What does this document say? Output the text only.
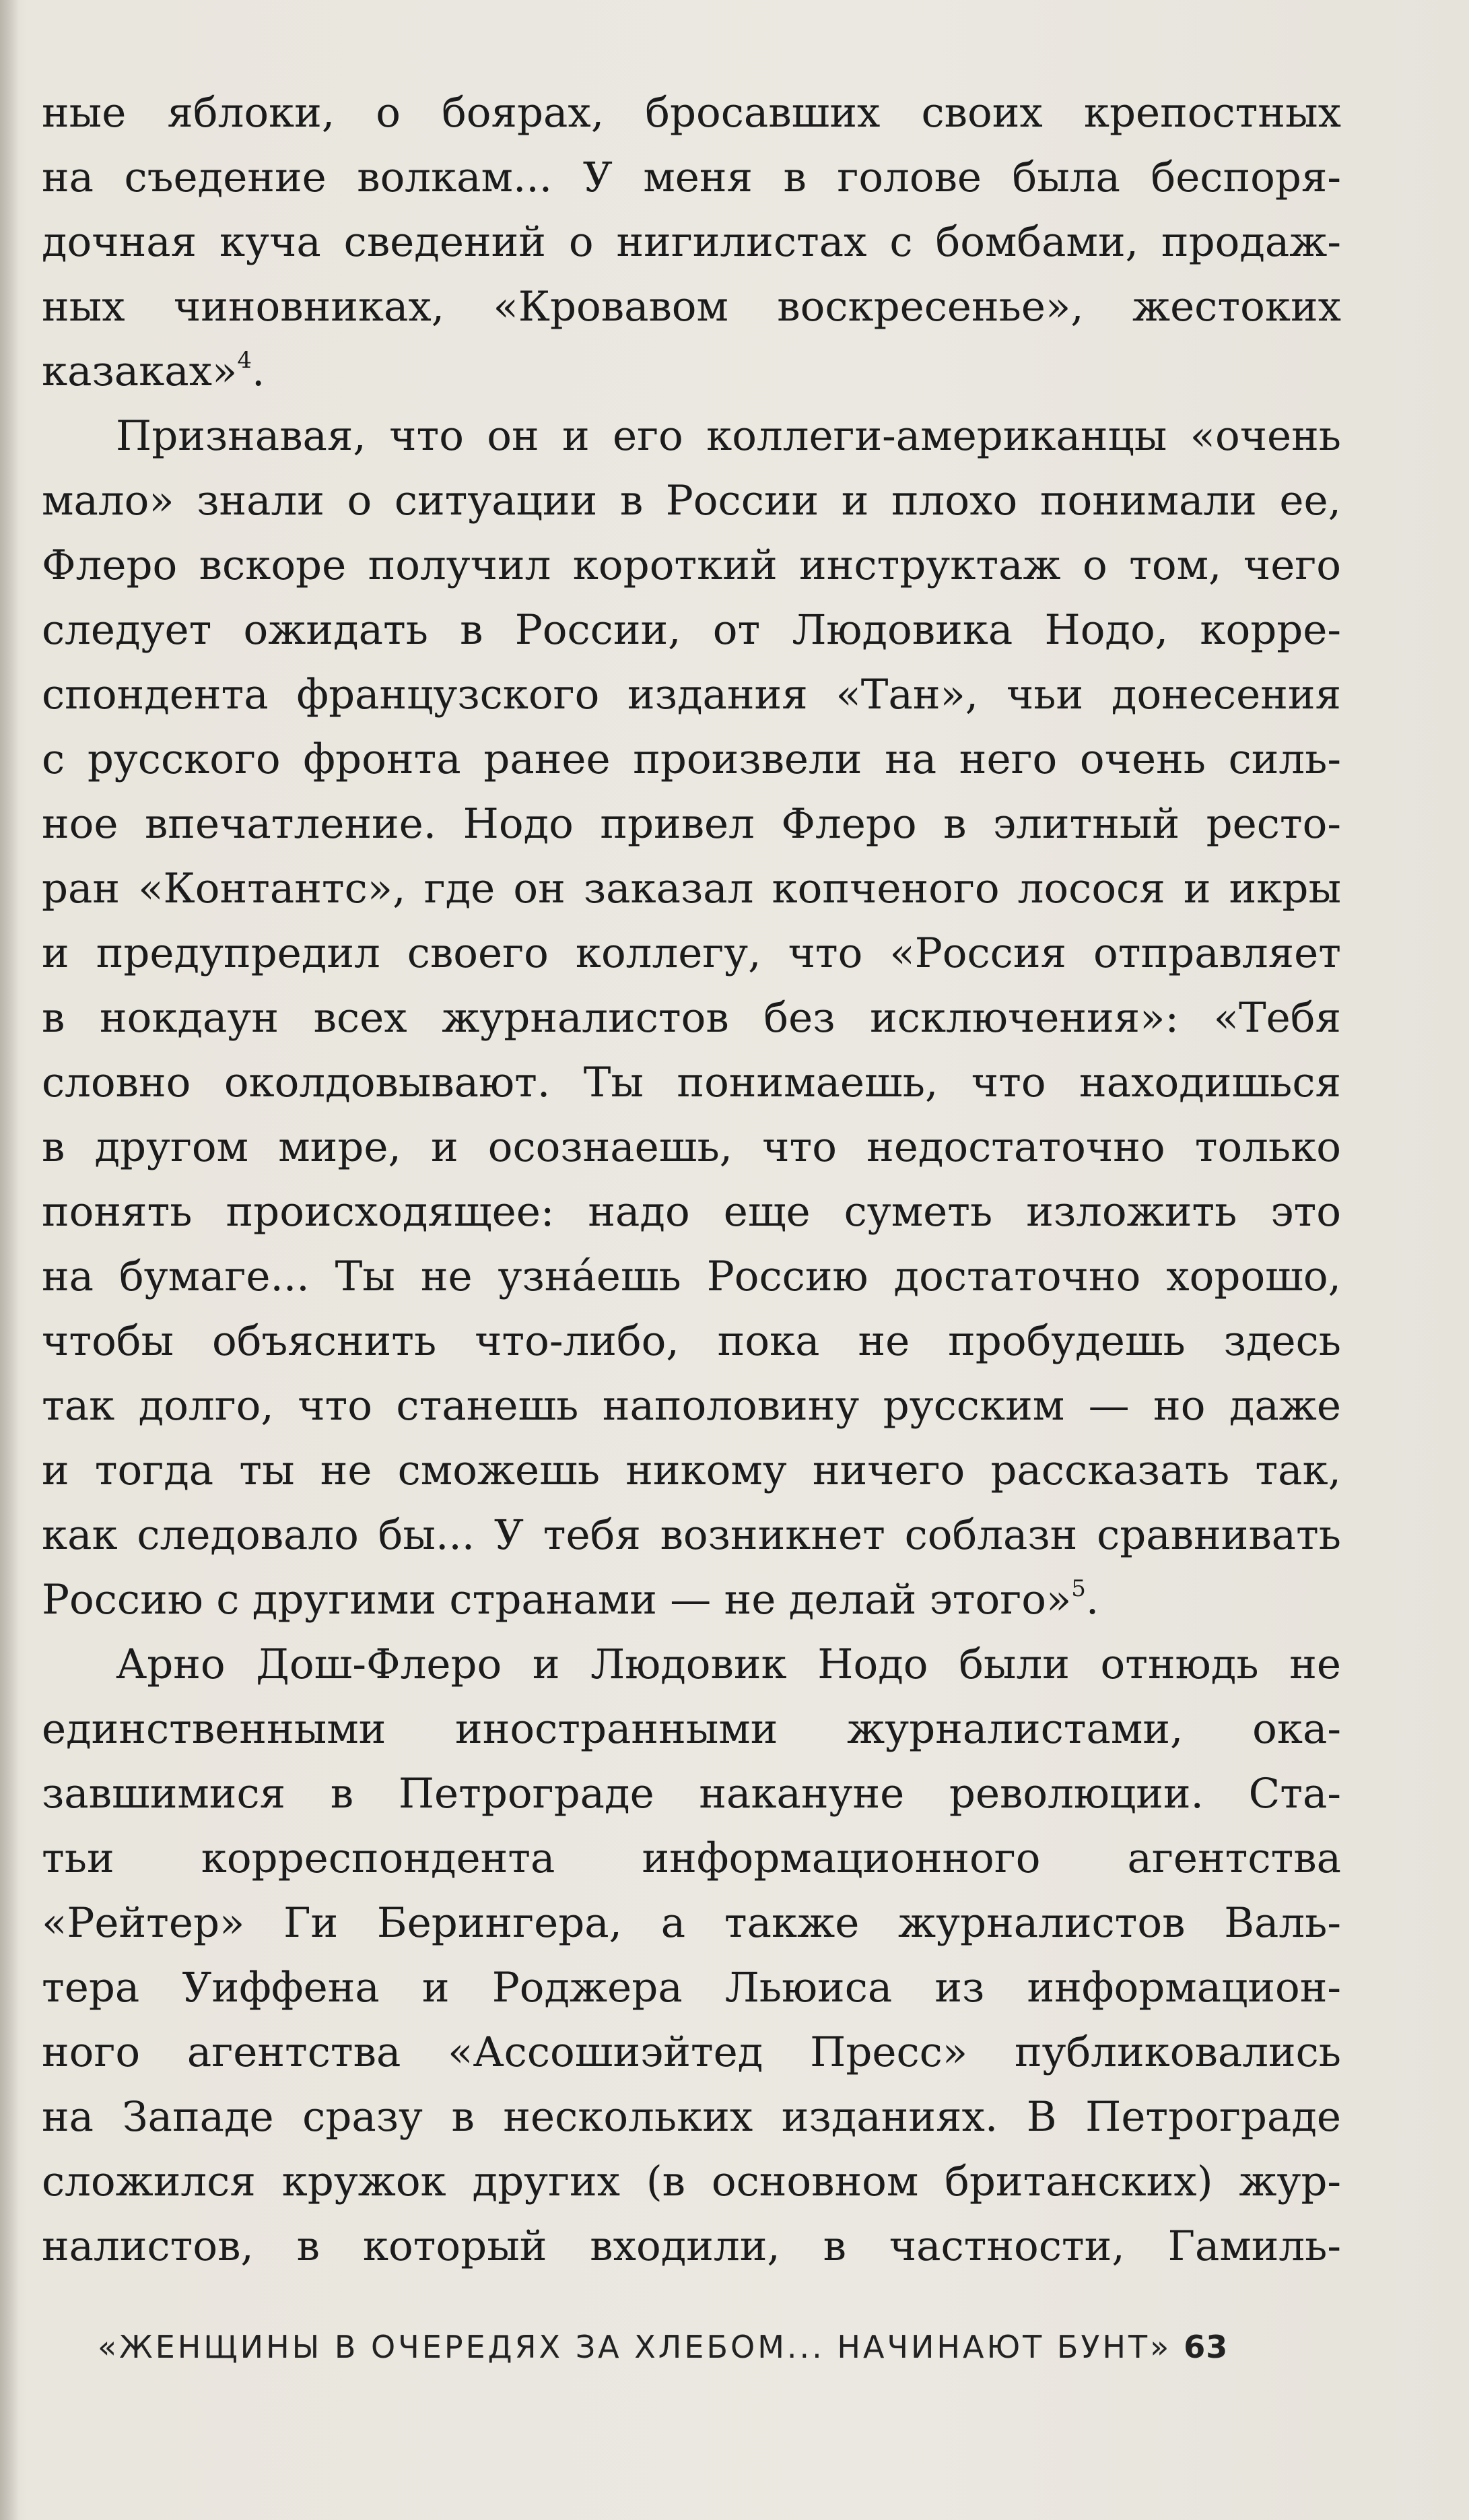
ные яблоки, о боярах, бросавших своих крепостных
на съедение волкам... У меня в голове была беспоря-
дочная куча сведений о нигилистах с бомбами, продаж-
ных чиновниках, «Кровавом воскресенье», жестоких
казаках»$^4$.
Признавая, что он и его коллеги-американцы «очень
мало» знали о ситуации в России и плохо понимали ее,
Флеро вскоре получил короткий инструктаж о том, чего
следует ожидать в России, от Людовика Нодо, корре-
спондента французского издания «Тан», чьи донесения
с русского фронта ранее произвели на него очень силь-
ное впечатление. Нодо привел Флеро в элитный ресто-
ран «Контантс», где он заказал копченого лосося и икры
и предупредил своего коллегу, что «Россия отправляет
в нокдаун всех журналистов без исключения»: «Тебя
словно околдовывают. Ты понимаешь, что находишься
в другом мире, и осознаешь, что недостаточно только
понять происходящее: надо еще суметь изложить это
на бумаге... Ты не узна́ешь Россию достаточно хорошо,
чтобы объяснить что-либо, пока не пробудешь здесь
так долго, что станешь наполовину русским — но даже
и тогда ты не сможешь никому ничего рассказать так,
как следовало бы... У тебя возникнет соблазн сравнивать
Россию с другими странами — не делай этого»$^5$.
Арно Дош-Флеро и Людовик Нодо были отнюдь не
единственными иностранными журналистами, ока-
завшимися в Петрограде накануне революции. Ста-
тьи корреспондента информационного агентства
«Рейтер» Ги Берингера, а также журналистов Валь-
тера Уиффена и Роджера Льюиса из информацион-
ного агентства «Ассошиэйтед Пресс» публиковались
на Западе сразу в нескольких изданиях. В Петрограде
сложился кружок других (в основном британских) жур-
налистов, в который входили, в частности, Гамиль-
«ЖЕНЩИНЫ В ОЧЕРЕДЯХ ЗА ХЛЕБОМ... НАЧИНАЮТ БУНТ» 63
